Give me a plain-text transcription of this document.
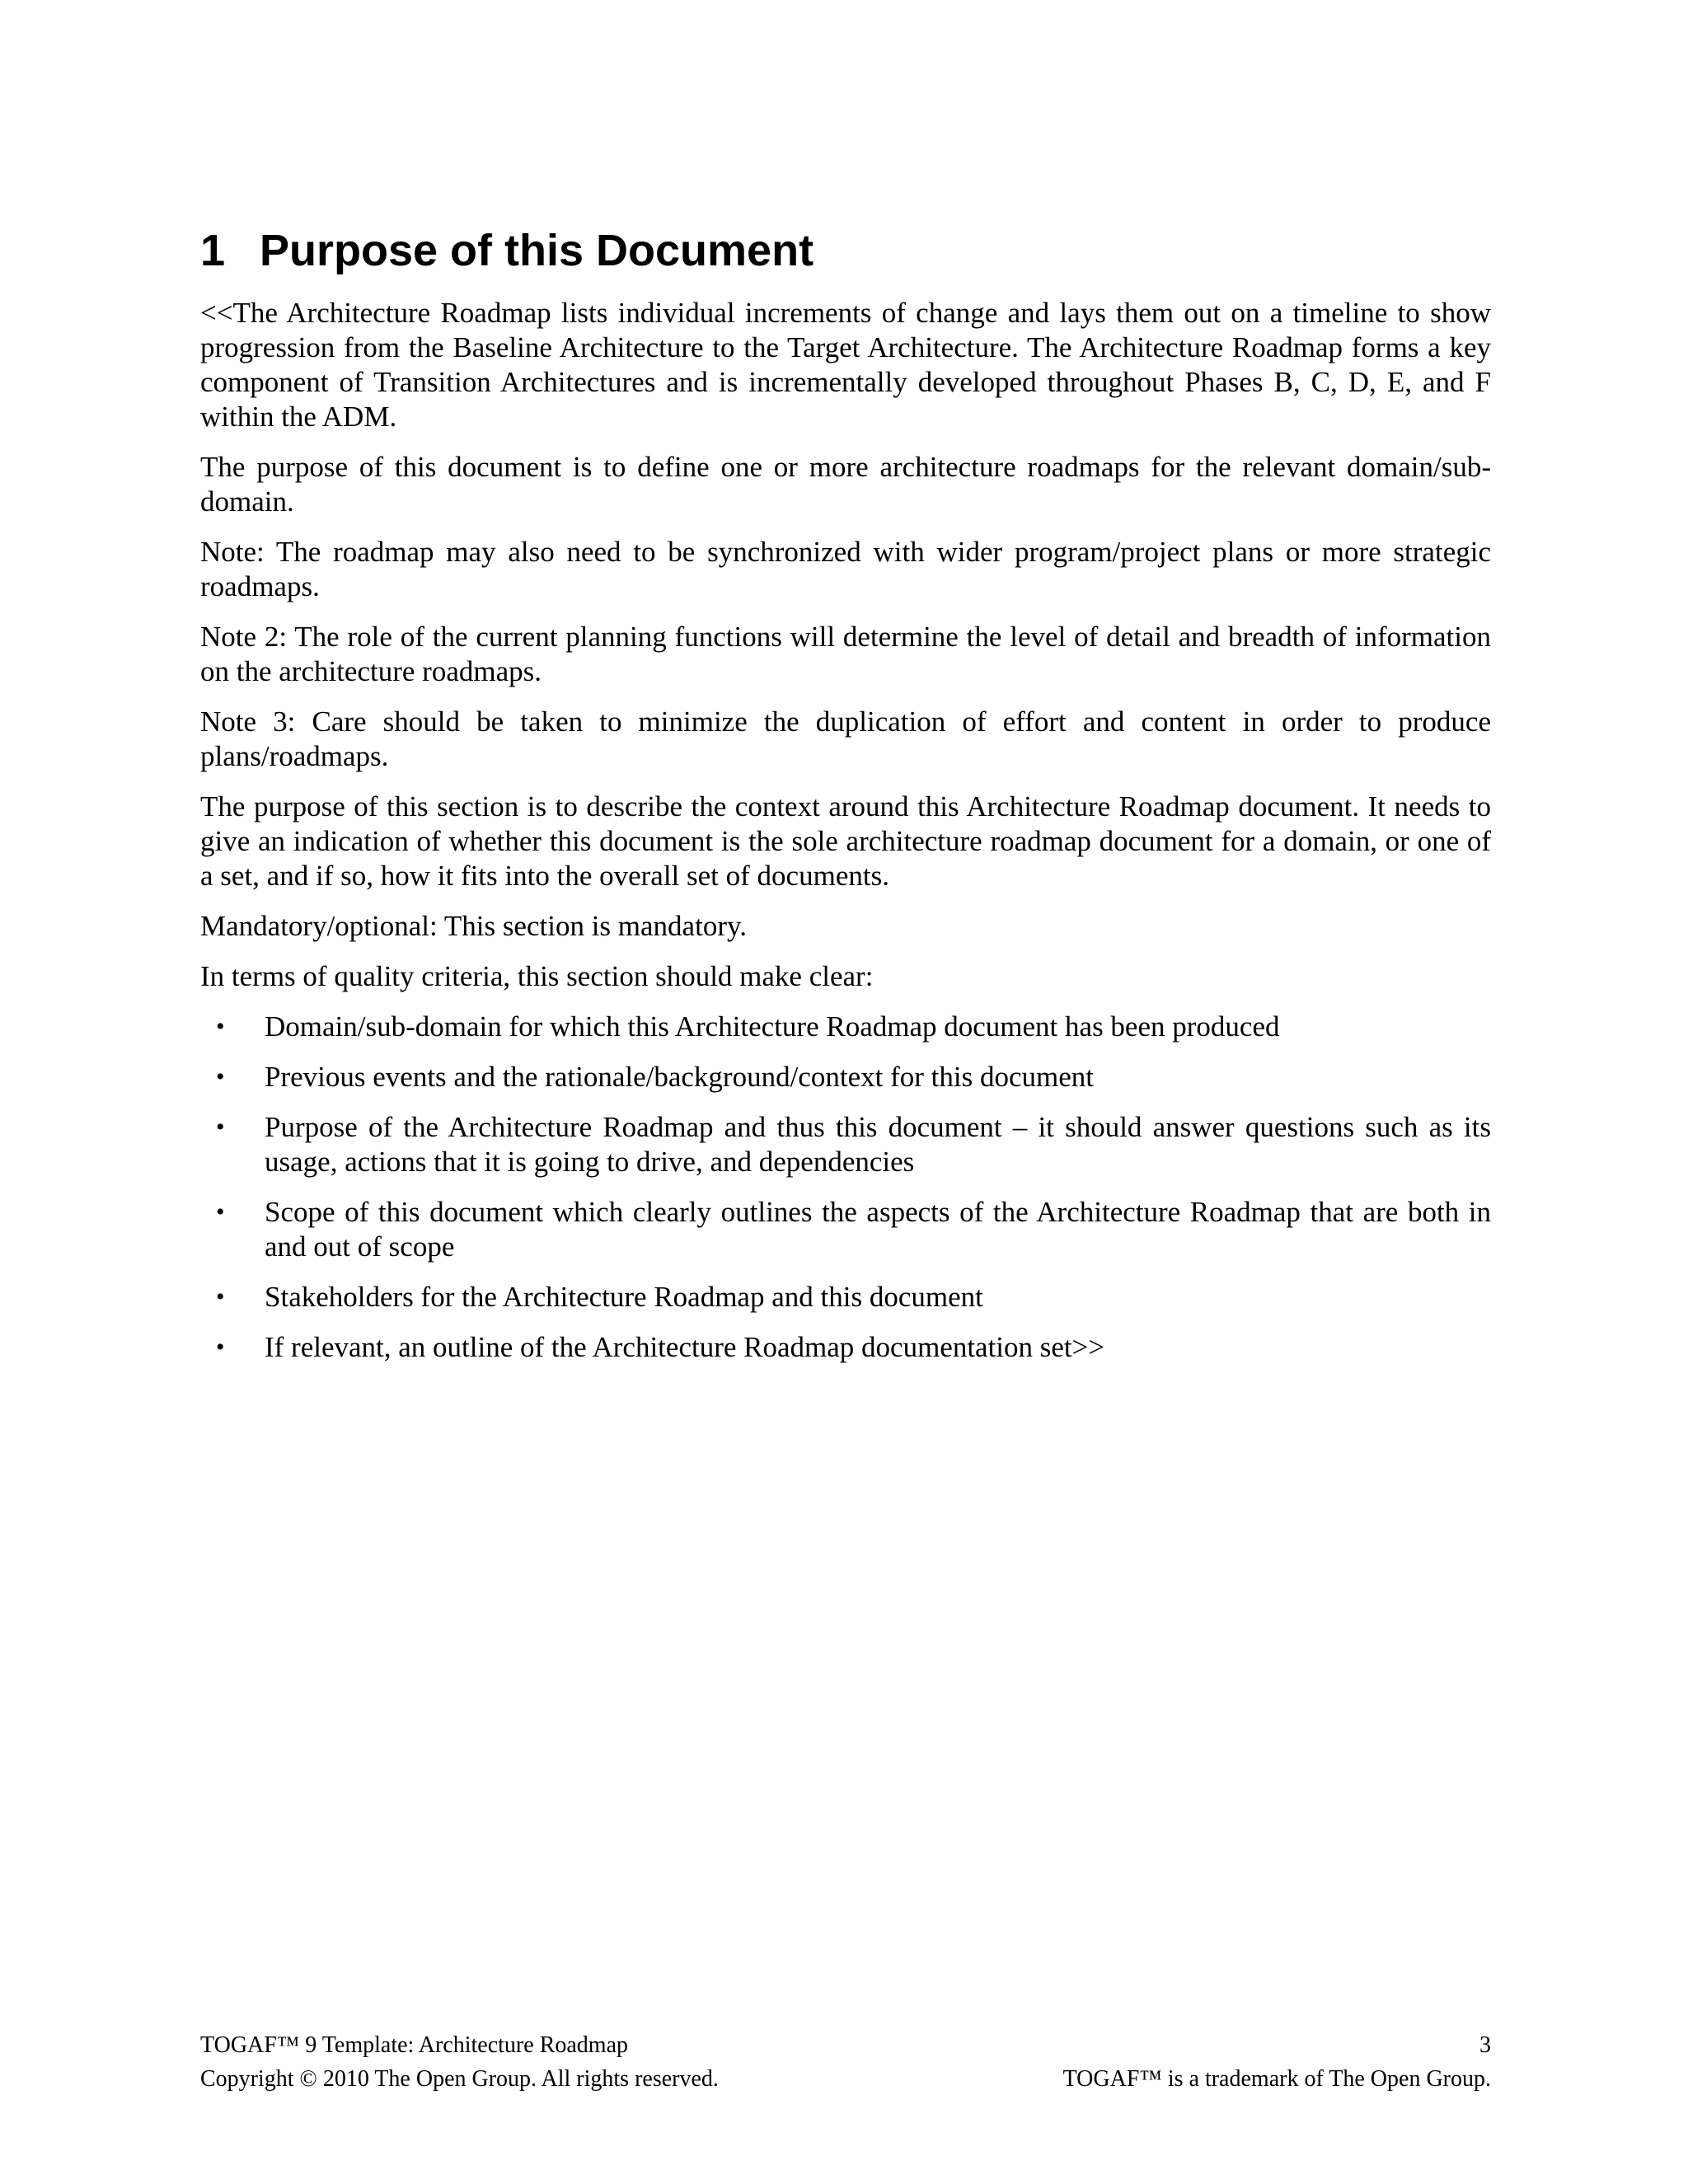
1 Purpose of this Document

<<The Architecture Roadmap lists individual increments of change and lays them out on a timeline to show progression from the Baseline Architecture to the Target Architecture. The Architecture Roadmap forms a key component of Transition Architectures and is incrementally developed throughout Phases B, C, D, E, and F within the ADM.

The purpose of this document is to define one or more architecture roadmaps for the relevant domain/sub-domain.

Note: The roadmap may also need to be synchronized with wider program/project plans or more strategic roadmaps.

Note 2: The role of the current planning functions will determine the level of detail and breadth of information on the architecture roadmaps.

Note 3: Care should be taken to minimize the duplication of effort and content in order to produce plans/roadmaps.

The purpose of this section is to describe the context around this Architecture Roadmap document. It needs to give an indication of whether this document is the sole architecture roadmap document for a domain, or one of a set, and if so, how it fits into the overall set of documents.

Mandatory/optional: This section is mandatory.

In terms of quality criteria, this section should make clear:

• Domain/sub-domain for which this Architecture Roadmap document has been produced
• Previous events and the rationale/background/context for this document
• Purpose of the Architecture Roadmap and thus this document – it should answer questions such as its usage, actions that it is going to drive, and dependencies
• Scope of this document which clearly outlines the aspects of the Architecture Roadmap that are both in and out of scope
• Stakeholders for the Architecture Roadmap and this document
• If relevant, an outline of the Architecture Roadmap documentation set>>
TOGAF™ 9 Template: Architecture Roadmap	3
Copyright © 2010 The Open Group. All rights reserved.	TOGAF™ is a trademark of The Open Group.
